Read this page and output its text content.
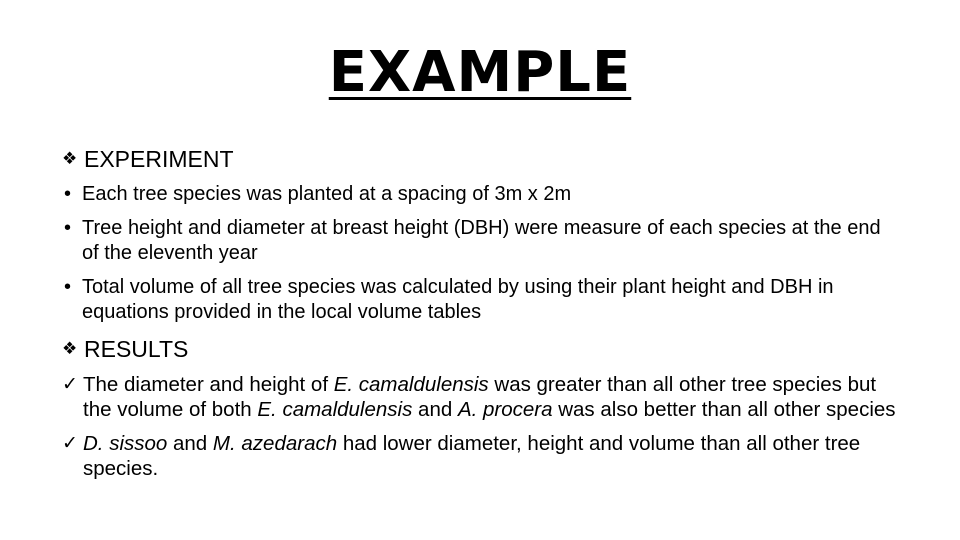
EXAMPLE
❖ EXPERIMENT
• Each tree species was planted at a spacing of 3m x 2m
• Tree height and diameter at breast height (DBH) were measure of each species at the end of the eleventh year
• Total volume of all tree species was calculated by using their plant height and DBH in equations provided in the local volume tables
❖ RESULTS
✓ The diameter and height of E. camaldulensis was greater than all other tree species but the volume of both E. camaldulensis and A. procera was also better than all other species
✓ D. sissoo and M. azedarach had lower diameter, height and volume than all other tree species.
